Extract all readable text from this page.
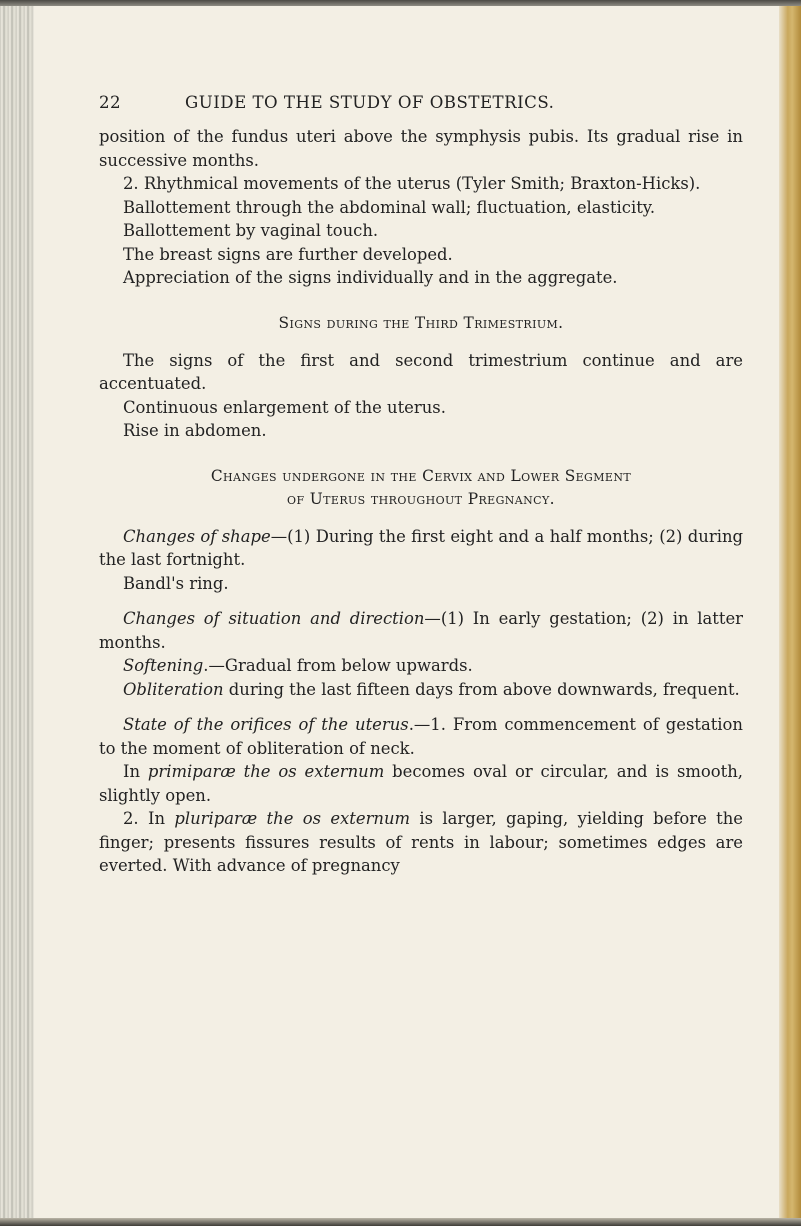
22	GUIDE TO THE STUDY OF OBSTETRICS.

position of the fundus uteri above the symphysis pubis. Its gradual rise in successive months.

2. Rhythmical movements of the uterus (Tyler Smith; Braxton-Hicks).

Ballottement through the abdominal wall; fluctuation, elasticity.

Ballottement by vaginal touch.

The breast signs are further developed.

Appreciation of the signs individually and in the aggregate.

Signs during the Third Trimestrium.

The signs of the first and second trimestrium continue and are accentuated.

Continuous enlargement of the uterus.

Rise in abdomen.

Changes undergone in the Cervix and Lower Segment
of Uterus throughout Pregnancy.

Changes of shape—(1) During the first eight and a half months; (2) during the last fortnight.

Bandl's ring.

Changes of situation and direction—(1) In early gestation; (2) in latter months.

Softening.—Gradual from below upwards.

Obliteration during the last fifteen days from above downwards, frequent.

State of the orifices of the uterus.—1. From commencement of gestation to the moment of obliteration of neck.

In primiparæ the os externum becomes oval or circular, and is smooth, slightly open.

2. In pluriparæ the os externum is larger, gaping, yielding before the finger; presents fissures results of rents in labour; sometimes edges are everted. With advance of pregnancy
